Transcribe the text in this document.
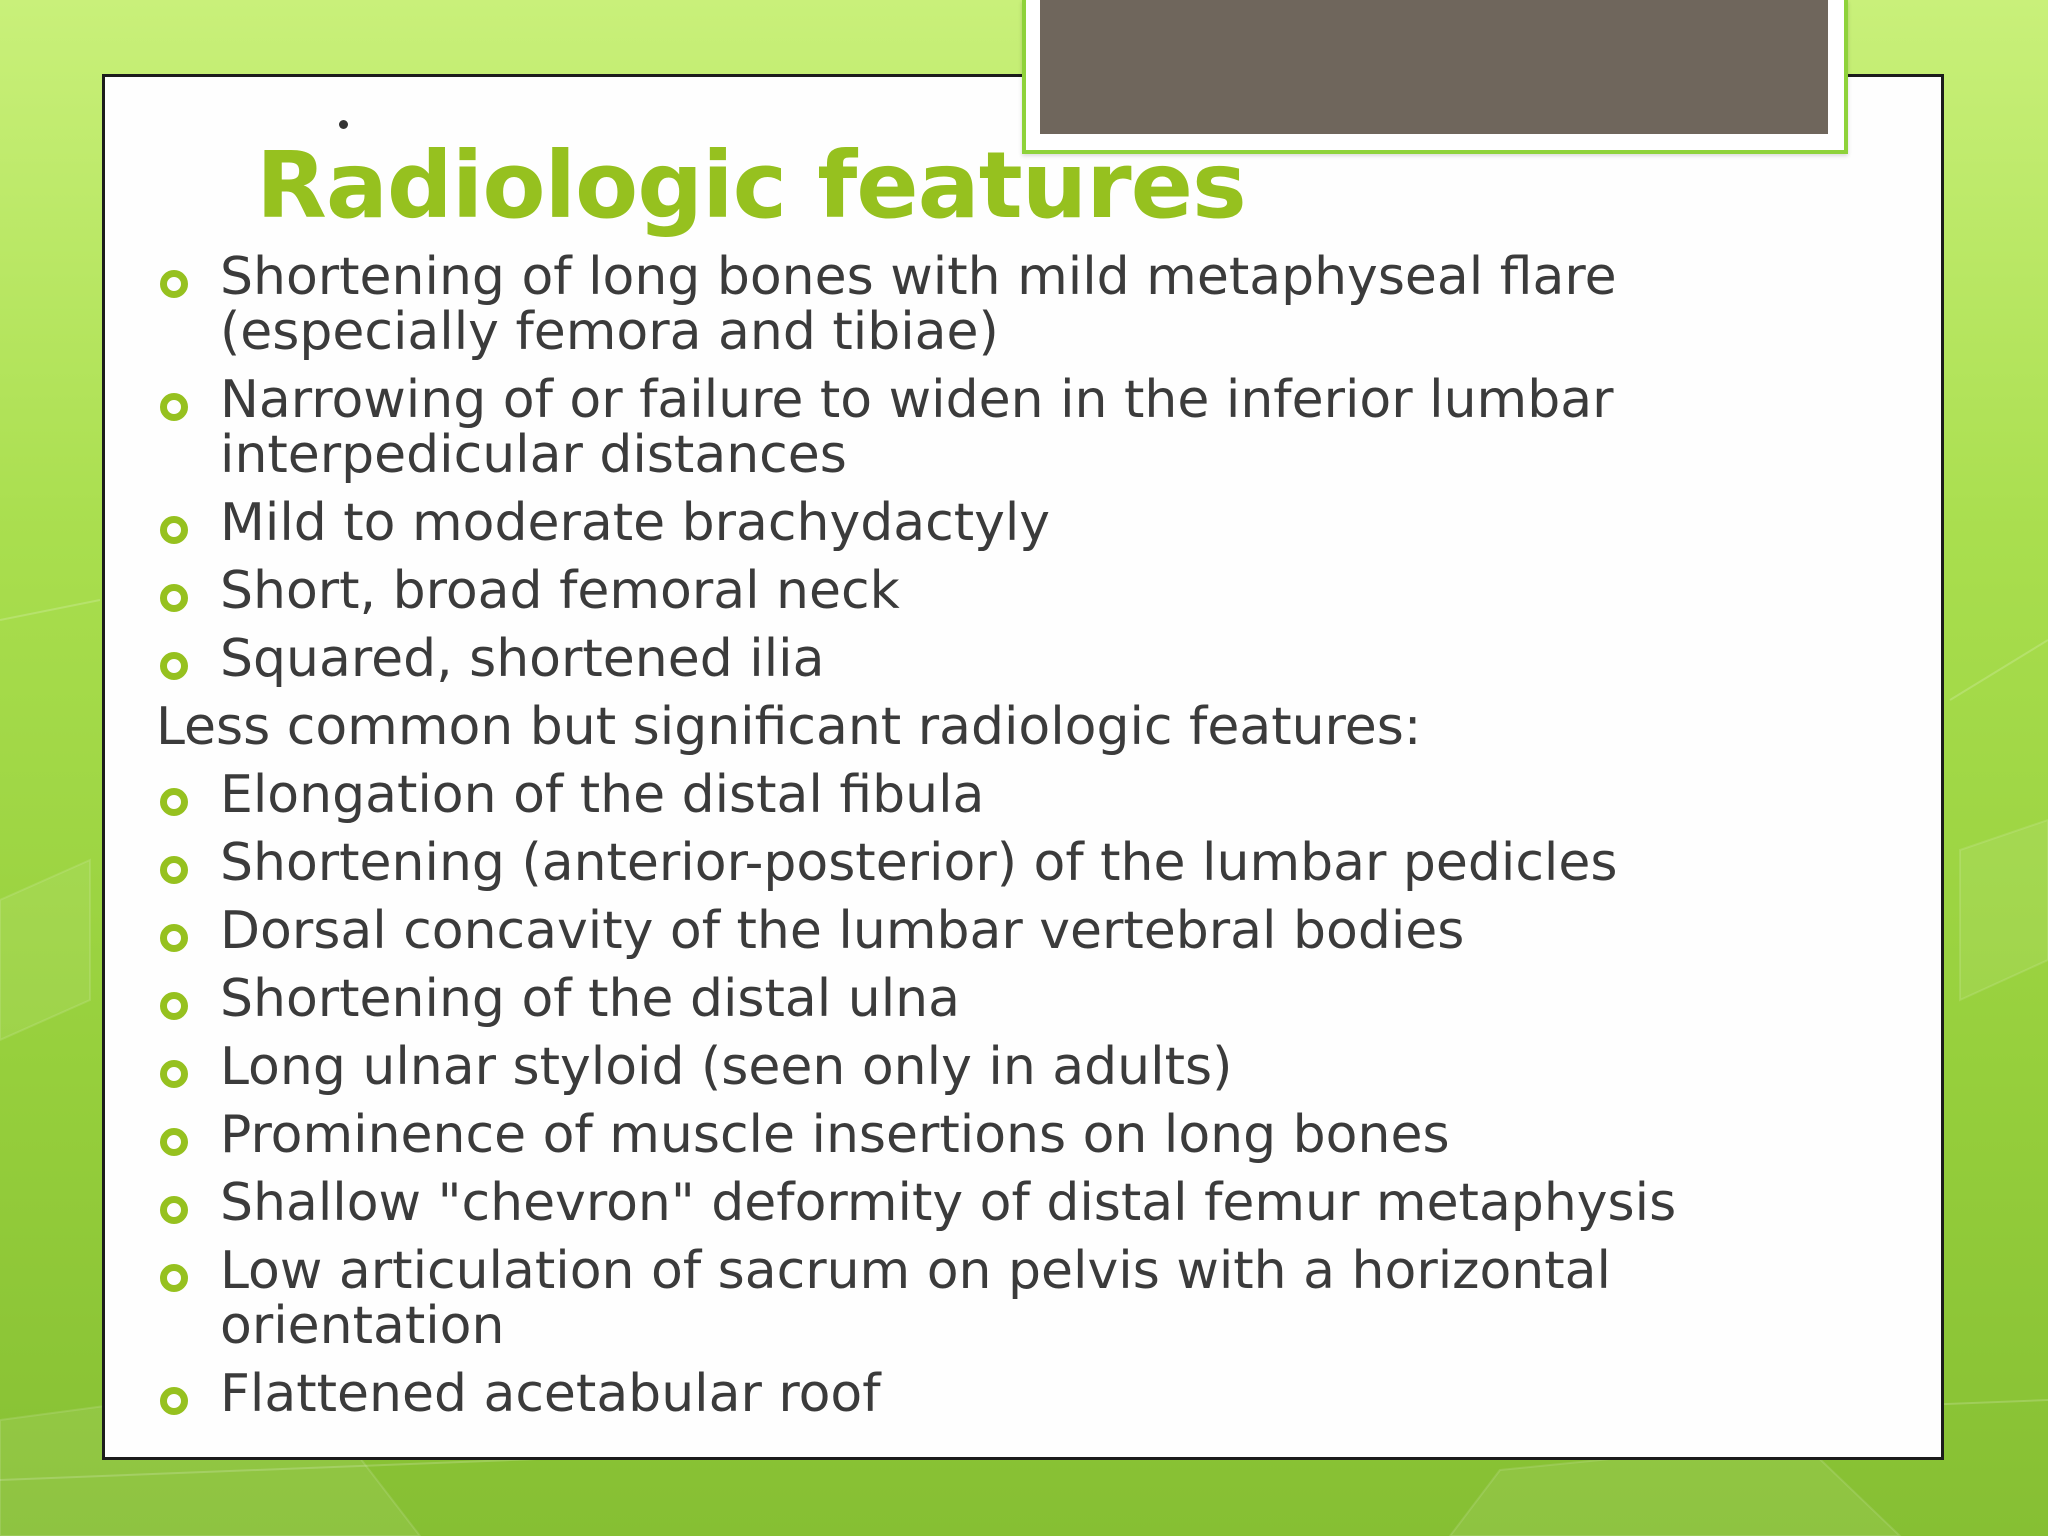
Radiologic features
Shortening of long bones with mild metaphyseal flare (especially femora and tibiae)
Narrowing of or failure to widen in the inferior lumbar interpedicular distances
Mild to moderate brachydactyly
Short, broad femoral neck
Squared, shortened ilia
Less common but significant radiologic features:
Elongation of the distal fibula
Shortening (anterior-posterior) of the lumbar pedicles
Dorsal concavity of the lumbar vertebral bodies
Shortening of the distal ulna
Long ulnar styloid (seen only in adults)
Prominence of muscle insertions on long bones
Shallow "chevron" deformity of distal femur metaphysis
Low articulation of sacrum on pelvis with a horizontal orientation
Flattened acetabular roof
